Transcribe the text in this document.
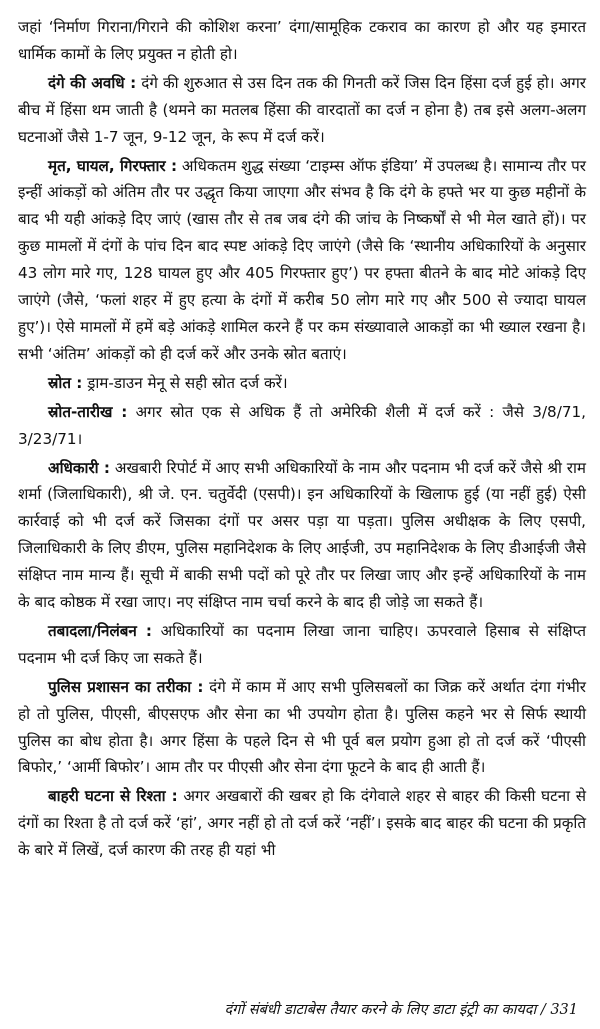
जहां ‘निर्माण गिराना/गिराने की कोशिश करना’ दंगा/सामूहिक टकराव का कारण हो और यह इमारत धार्मिक कामों के लिए प्रयुक्त न होती हो।

दंगे की अवधि : दंगे की शुरुआत से उस दिन तक की गिनती करें जिस दिन हिंसा दर्ज हुई हो। अगर बीच में हिंसा थम जाती है (थमने का मतलब हिंसा की वारदातों का दर्ज न होना है) तब इसे अलग-अलग घटनाओं जैसे 1-7 जून, 9-12 जून, के रूप में दर्ज करें।

मृत, घायल, गिरफ्तार : अधिकतम शुद्ध संख्या ‘टाइम्स ऑफ इंडिया’ में उपलब्ध है। सामान्य तौर पर इन्हीं आंकड़ों को अंतिम तौर पर उद्धृत किया जाएगा और संभव है कि दंगे के हफ्ते भर या कुछ महीनों के बाद भी यही आंकड़े दिए जाएं (खास तौर से तब जब दंगे की जांच के निष्कर्षों से भी मेल खाते हों)। पर कुछ मामलों में दंगों के पांच दिन बाद स्पष्ट आंकड़े दिए जाएंगे (जैसे कि ‘स्थानीय अधिकारियों के अनुसार 43 लोग मारे गए, 128 घायल हुए और 405 गिरफ्तार हुए’) पर हफ्ता बीतने के बाद मोटे आंकड़े दिए जाएंगे (जैसे, ‘फलां शहर में हुए हत्या के दंगों में करीब 50 लोग मारे गए और 500 से ज्यादा घायल हुए’)। ऐसे मामलों में हमें बड़े आंकड़े शामिल करने हैं पर कम संख्यावाले आकड़ों का भी ख्याल रखना है। सभी ‘अंतिम’ आंकड़ों को ही दर्ज करें और उनके स्रोत बताएं।

स्रोत : ड्राम-डाउन मेनू से सही स्रोत दर्ज करें।

स्रोत-तारीख : अगर स्रोत एक से अधिक हैं तो अमेरिकी शैली में दर्ज करें : जैसे 3/8/71, 3/23/71।

अधिकारी : अखबारी रिपोर्ट में आए सभी अधिकारियों के नाम और पदनाम भी दर्ज करें जैसे श्री राम शर्मा (जिलाधिकारी), श्री जे. एन. चतुर्वेदी (एसपी)। इन अधिकारियों के खिलाफ हुई (या नहीं हुई) ऐसी कार्रवाई को भी दर्ज करें जिसका दंगों पर असर पड़ा या पड़ता। पुलिस अधीक्षक के लिए एसपी, जिलाधिकारी के लिए डीएम, पुलिस महानिदेशक के लिए आईजी, उप महानिदेशक के लिए डीआईजी जैसे संक्षिप्त नाम मान्य हैं। सूची में बाकी सभी पदों को पूरे तौर पर लिखा जाए और इन्हें अधिकारियों के नाम के बाद कोष्ठक में रखा जाए। नए संक्षिप्त नाम चर्चा करने के बाद ही जोड़े जा सकते हैं।

तबादला/निलंबन : अधिकारियों का पदनाम लिखा जाना चाहिए। ऊपरवाले हिसाब से संक्षिप्त पदनाम भी दर्ज किए जा सकते हैं।

पुलिस प्रशासन का तरीका : दंगे में काम में आए सभी पुलिसबलों का जिक्र करें अर्थात दंगा गंभीर हो तो पुलिस, पीएसी, बीएसएफ और सेना का भी उपयोग होता है। पुलिस कहने भर से सिर्फ स्थायी पुलिस का बोध होता है। अगर हिंसा के पहले दिन से भी पूर्व बल प्रयोग हुआ हो तो दर्ज करें ‘पीएसी बिफोर,’ ‘आर्मी बिफोर’। आम तौर पर पीएसी और सेना दंगा फूटने के बाद ही आती हैं।

बाहरी घटना से रिश्ता : अगर अखबारों की खबर हो कि दंगेवाले शहर से बाहर की किसी घटना से दंगों का रिश्ता है तो दर्ज करें ‘हां’, अगर नहीं हो तो दर्ज करें ‘नहीं’। इसके बाद बाहर की घटना की प्रकृति के बारे में लिखें, दर्ज कारण की तरह ही यहां भी

दंगों संबंधी डाटाबेस तैयार करने के लिए डाटा इंट्री का कायदा / 331
